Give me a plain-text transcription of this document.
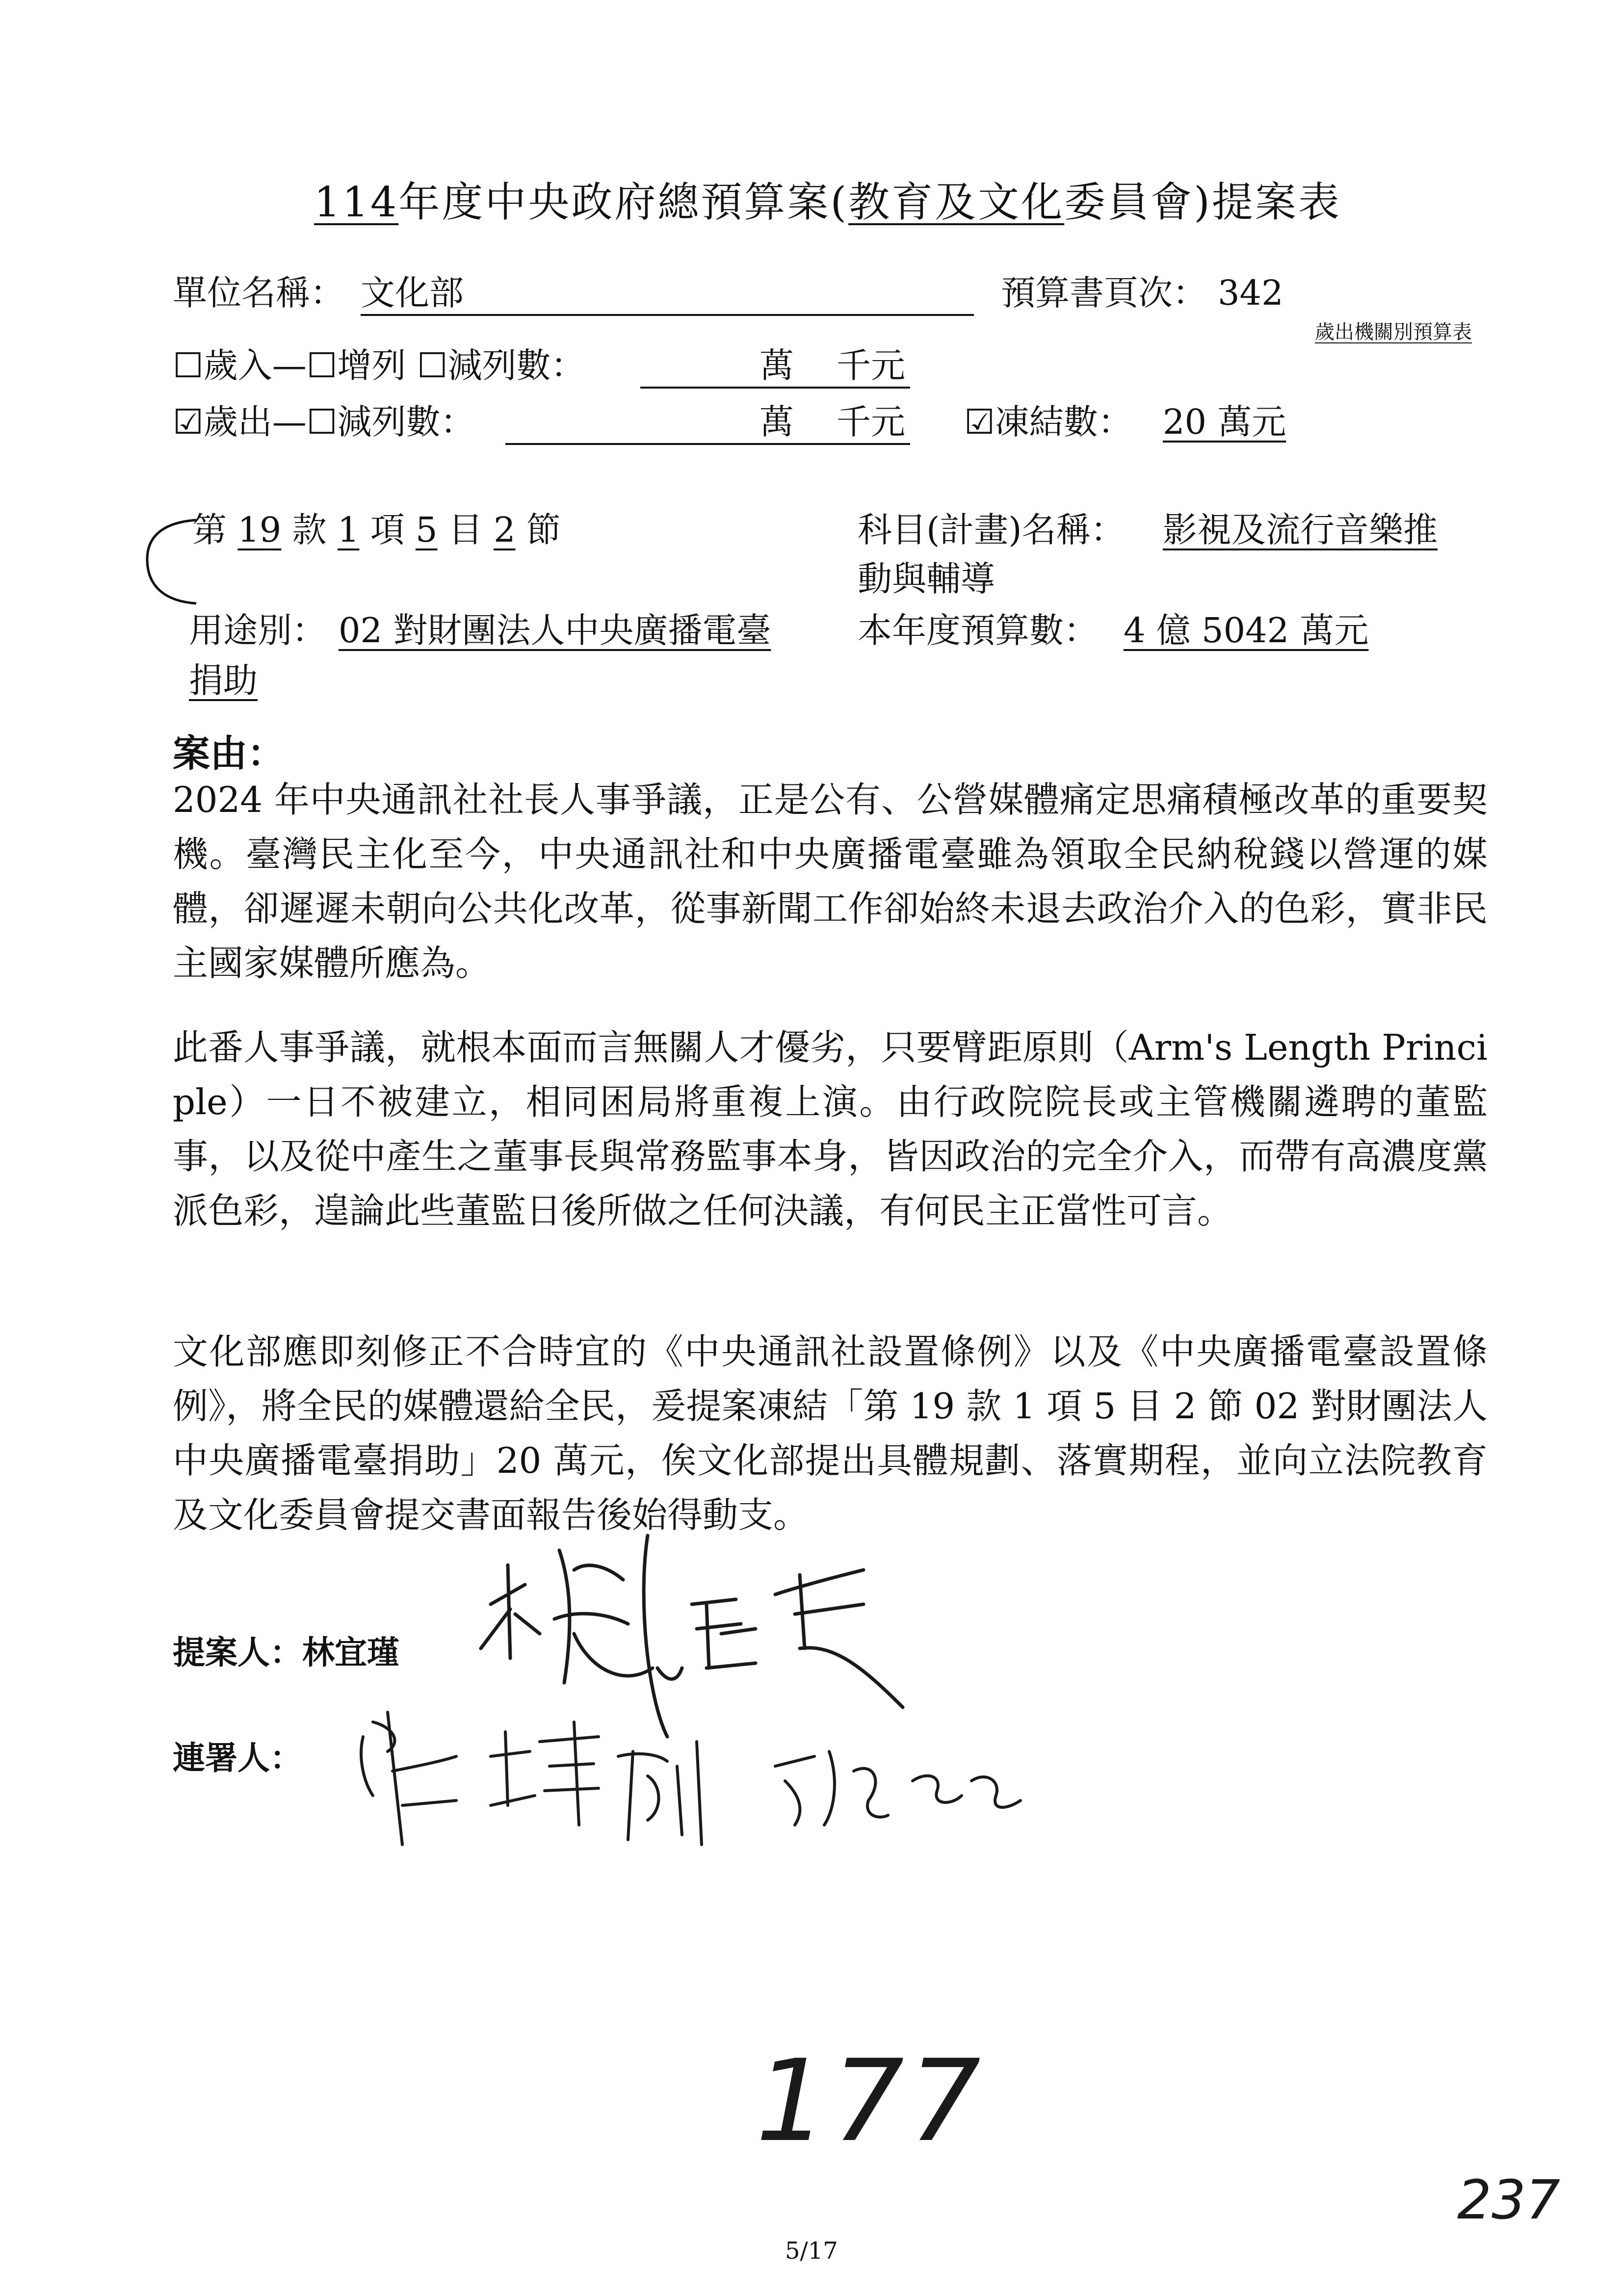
114年度中央政府總預算案(教育及文化委員會)提案表
單位名稱： 文化部	預算書頁次： 342
歲出機關別預算表
☐歲入—☐增列 ☐減列數：	萬 千元
☑歲出—☐減列數：	萬 千元 ☑凍結數： 20 萬元
第 19 款 1 項 5 目 2 節	科目(計畫)名稱： 影視及流行音樂推
動與輔導
用途別： 02 對財團法人中央廣播電臺
捐助
本年度預算數： 4 億 5042 萬元
案由：
2024 年中央通訊社社長人事爭議，正是公有、公營媒體痛定思痛積極改革的重要契機。臺灣民主化至今，中央通訊社和中央廣播電臺雖為領取全民納稅錢以營運的媒體，卻遲遲未朝向公共化改革，從事新聞工作卻始終未退去政治介入的色彩，實非民主國家媒體所應為。
此番人事爭議，就根本面而言無關人才優劣，只要臂距原則（Arm's Length Principle）一日不被建立，相同困局將重複上演。由行政院院長或主管機關遴聘的董監事，以及從中產生之董事長與常務監事本身，皆因政治的完全介入，而帶有高濃度黨派色彩，遑論此些董監日後所做之任何決議，有何民主正當性可言。
文化部應即刻修正不合時宜的《中央通訊社設置條例》以及《中央廣播電臺設置條例》，將全民的媒體還給全民，爰提案凍結「第 19 款 1 項 5 目 2 節 02 對財團法人中央廣播電臺捐助」20 萬元，俟文化部提出具體規劃、落實期程，並向立法院教育及文化委員會提交書面報告後始得動支。
提案人：林宜瑾
連署人：
177
237
5/17
